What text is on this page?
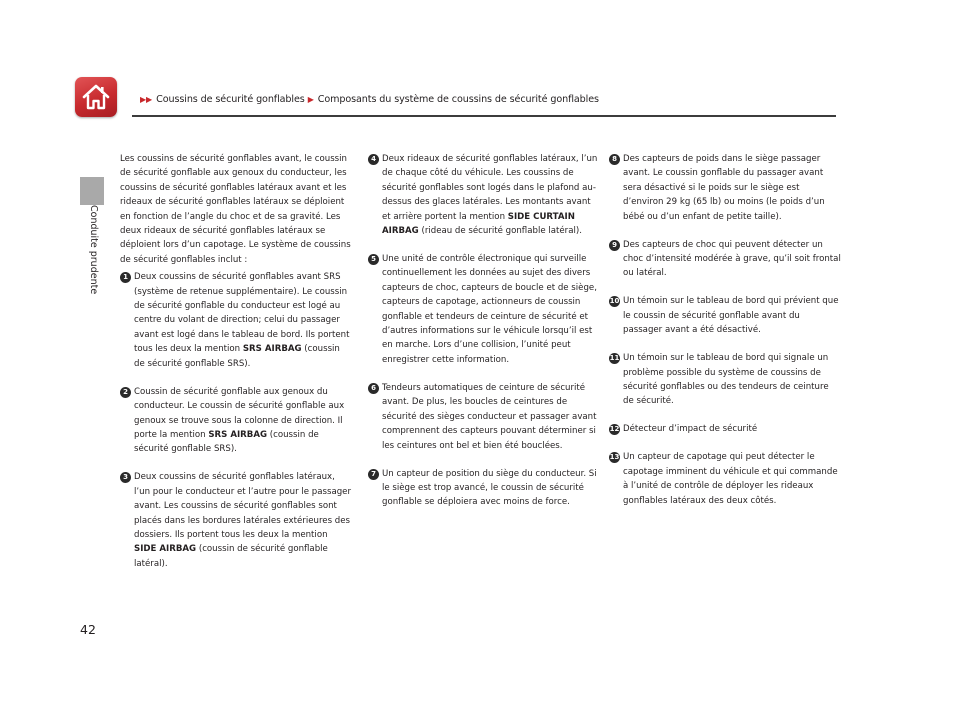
▶▶ Coussins de sécurité gonflables ▶ Composants du système de coussins de sécurité gonflables
Conduite prudente
42

Les coussins de sécurité gonflables avant, le coussin de sécurité gonflable aux genoux du conducteur, les coussins de sécurité gonflables latéraux avant et les rideaux de sécurité gonflables latéraux se déploient en fonction de l’angle du choc et de sa gravité. Les deux rideaux de sécurité gonflables latéraux se déploient lors d’un capotage. Le système de coussins de sécurité gonflables inclut :

1 Deux coussins de sécurité gonflables avant SRS (système de retenue supplémentaire). Le coussin de sécurité gonflable du conducteur est logé au centre du volant de direction; celui du passager avant est logé dans le tableau de bord. Ils portent tous les deux la mention SRS AIRBAG (coussin de sécurité gonflable SRS).
2 Coussin de sécurité gonflable aux genoux du conducteur. Le coussin de sécurité gonflable aux genoux se trouve sous la colonne de direction. Il porte la mention SRS AIRBAG (coussin de sécurité gonflable SRS).
3 Deux coussins de sécurité gonflables latéraux, l’un pour le conducteur et l’autre pour le passager avant. Les coussins de sécurité gonflables sont placés dans les bordures latérales extérieures des dossiers. Ils portent tous les deux la mention SIDE AIRBAG (coussin de sécurité gonflable latéral).
4 Deux rideaux de sécurité gonflables latéraux, l’un de chaque côté du véhicule. Les coussins de sécurité gonflables sont logés dans le plafond au-dessus des glaces latérales. Les montants avant et arrière portent la mention SIDE CURTAIN AIRBAG (rideau de sécurité gonflable latéral).
5 Une unité de contrôle électronique qui surveille continuellement les données au sujet des divers capteurs de choc, capteurs de boucle et de siège, capteurs de capotage, actionneurs de coussin gonflable et tendeurs de ceinture de sécurité et d’autres informations sur le véhicule lorsqu’il est en marche. Lors d’une collision, l’unité peut enregistrer cette information.
6 Tendeurs automatiques de ceinture de sécurité avant. De plus, les boucles de ceintures de sécurité des sièges conducteur et passager avant comprennent des capteurs pouvant déterminer si les ceintures ont bel et bien été bouclées.
7 Un capteur de position du siège du conducteur. Si le siège est trop avancé, le coussin de sécurité gonflable se déploiera avec moins de force.
8 Des capteurs de poids dans le siège passager avant. Le coussin gonflable du passager avant sera désactivé si le poids sur le siège est d’environ 29 kg (65 lb) ou moins (le poids d’un bébé ou d’un enfant de petite taille).
9 Des capteurs de choc qui peuvent détecter un choc d’intensité modérée à grave, qu’il soit frontal ou latéral.
10 Un témoin sur le tableau de bord qui prévient que le coussin de sécurité gonflable avant du passager avant a été désactivé.
11 Un témoin sur le tableau de bord qui signale un problème possible du système de coussins de sécurité gonflables ou des tendeurs de ceinture de sécurité.
12 Détecteur d’impact de sécurité
13 Un capteur de capotage qui peut détecter le capotage imminent du véhicule et qui commande à l’unité de contrôle de déployer les rideaux gonflables latéraux des deux côtés.
